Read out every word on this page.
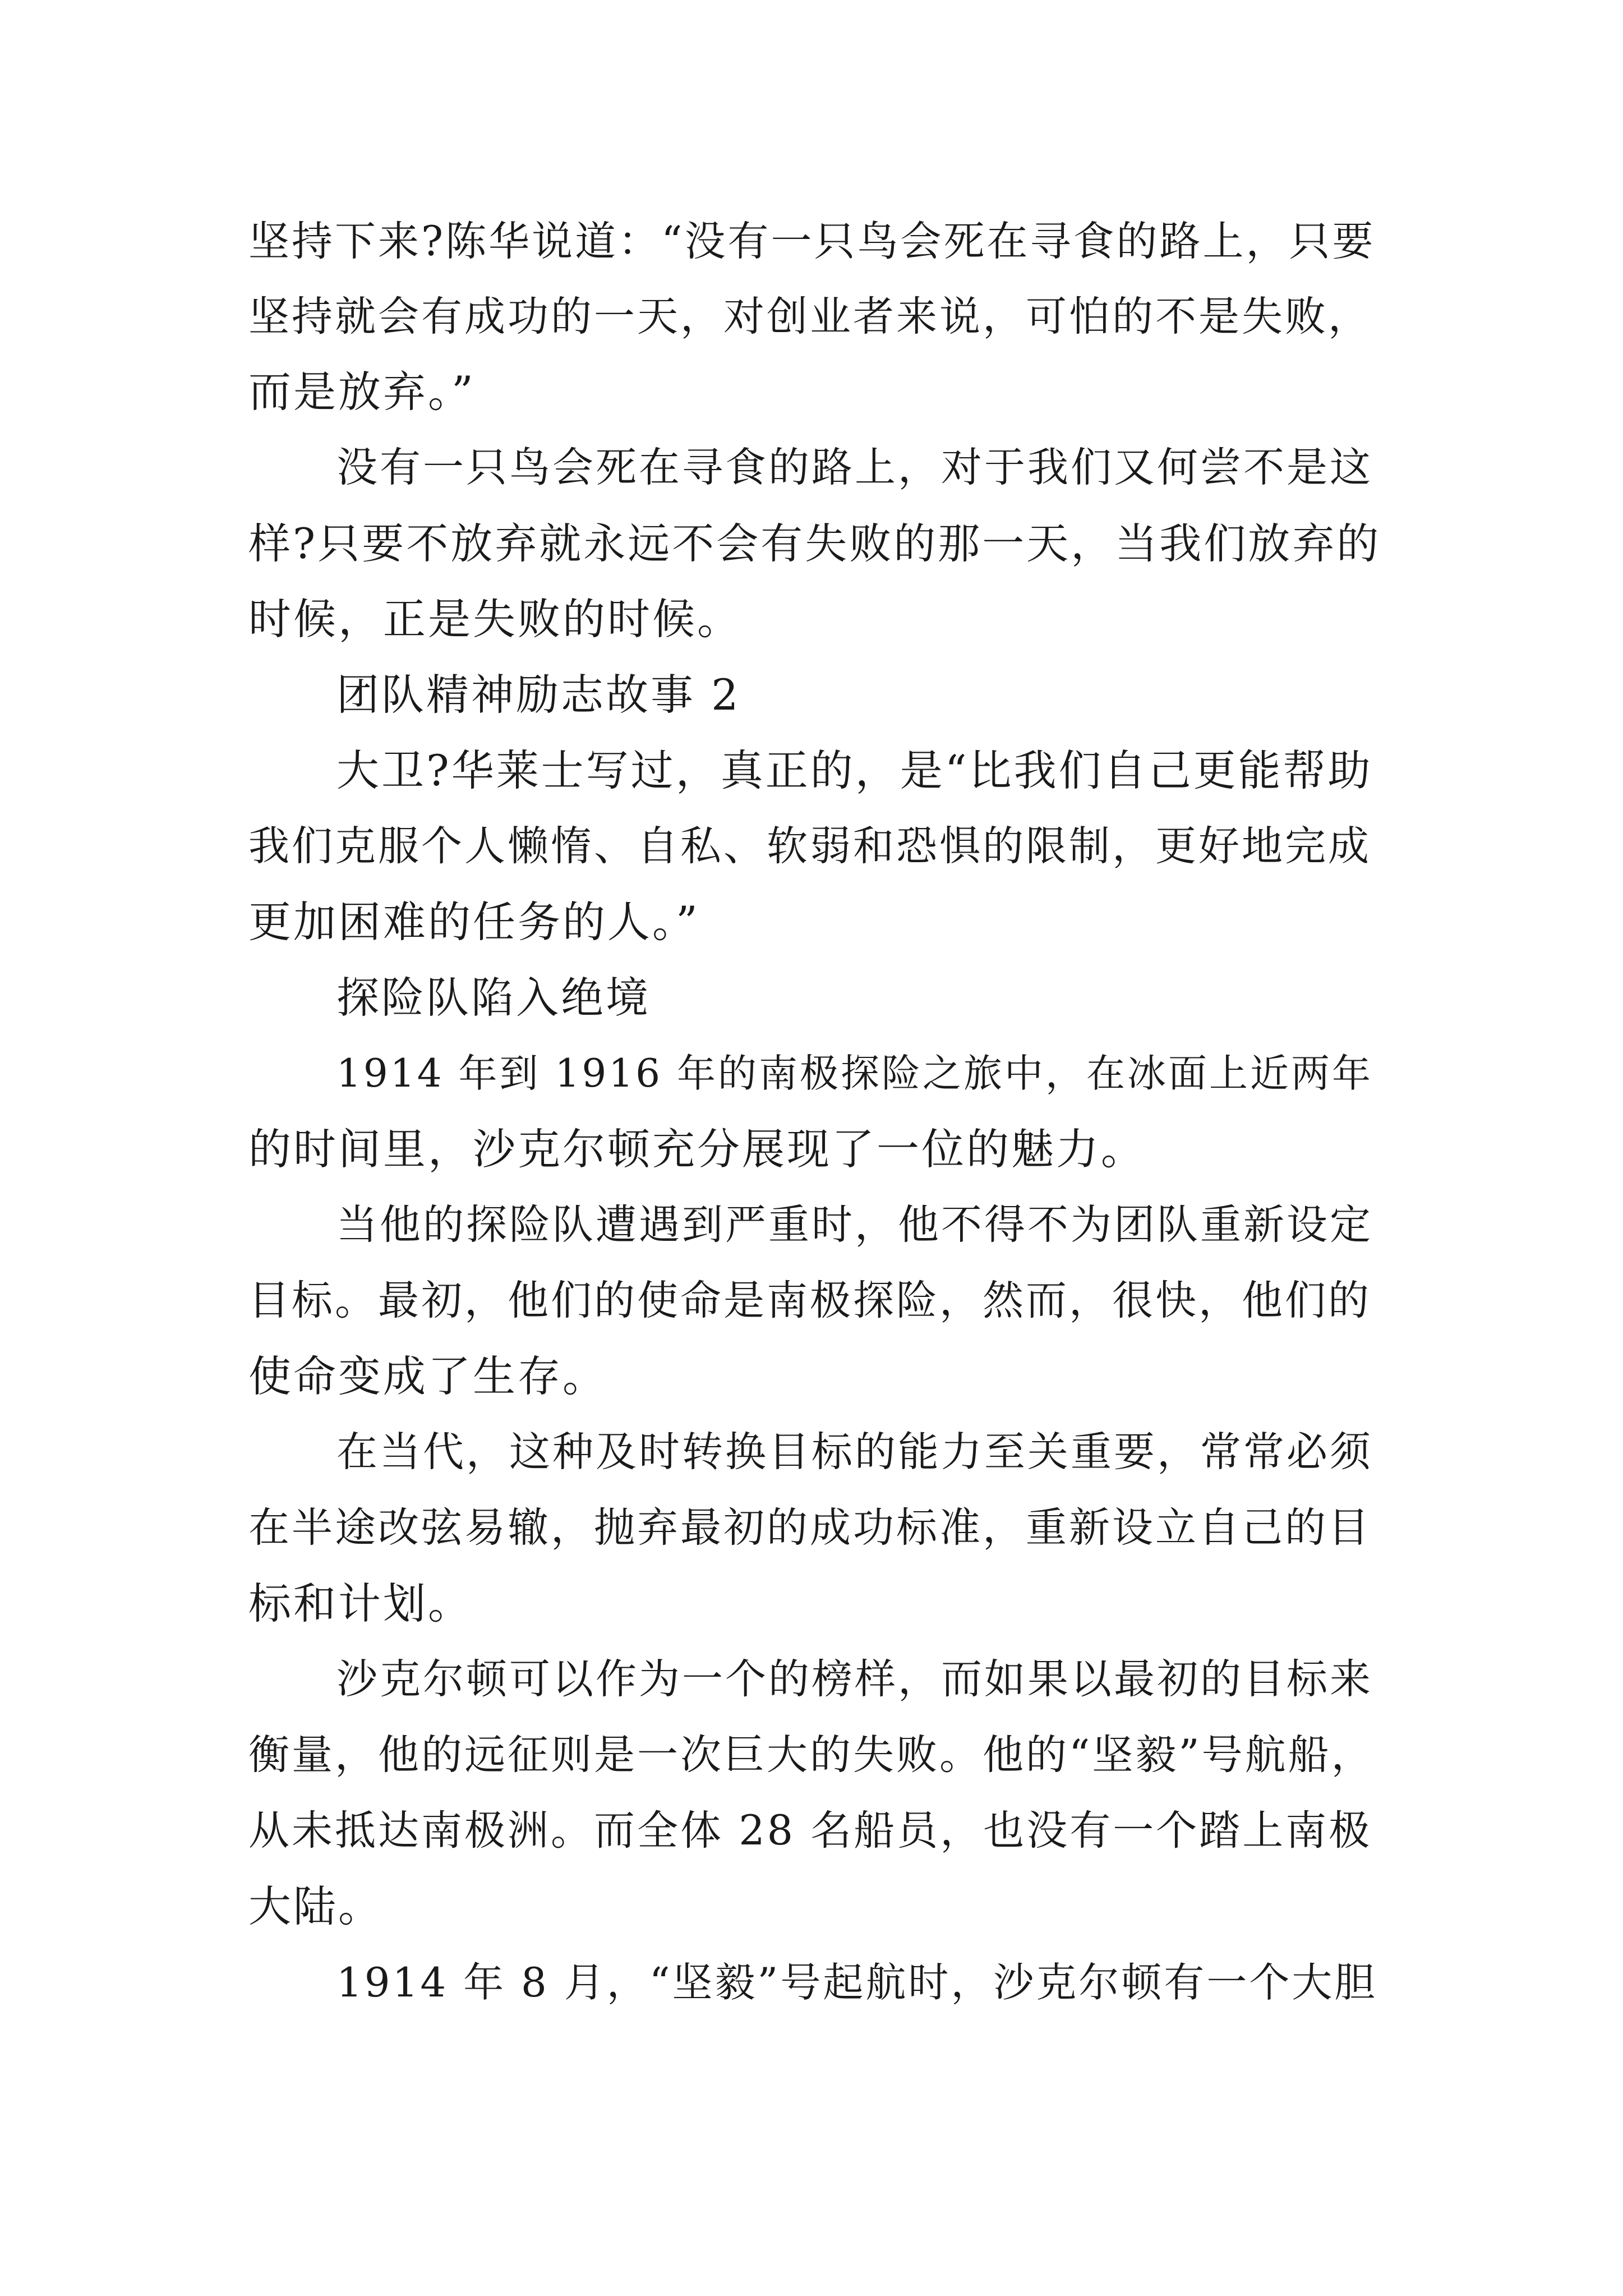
坚持下来?陈华说道：“没有一只鸟会死在寻食的路上，只要
坚持就会有成功的一天，对创业者来说，可怕的不是失败，
而是放弃。”
没有一只鸟会死在寻食的路上，对于我们又何尝不是这
样?只要不放弃就永远不会有失败的那一天，当我们放弃的
时候，正是失败的时候。
团队精神励志故事 2
大卫?华莱士写过，真正的，是“比我们自己更能帮助
我们克服个人懒惰、自私、软弱和恐惧的限制，更好地完成
更加困难的任务的人。”
探险队陷入绝境
1914 年到 1916 年的南极探险之旅中，在冰面上近两年
的时间里，沙克尔顿充分展现了一位的魅力。
当他的探险队遭遇到严重时，他不得不为团队重新设定
目标。最初，他们的使命是南极探险，然而，很快，他们的
使命变成了生存。
在当代，这种及时转换目标的能力至关重要，常常必须
在半途改弦易辙，抛弃最初的成功标准，重新设立自己的目
标和计划。
沙克尔顿可以作为一个的榜样，而如果以最初的目标来
衡量，他的远征则是一次巨大的失败。他的“坚毅”号航船，
从未抵达南极洲。而全体 28 名船员，也没有一个踏上南极
大陆。
1914 年 8 月，“坚毅”号起航时，沙克尔顿有一个大胆
